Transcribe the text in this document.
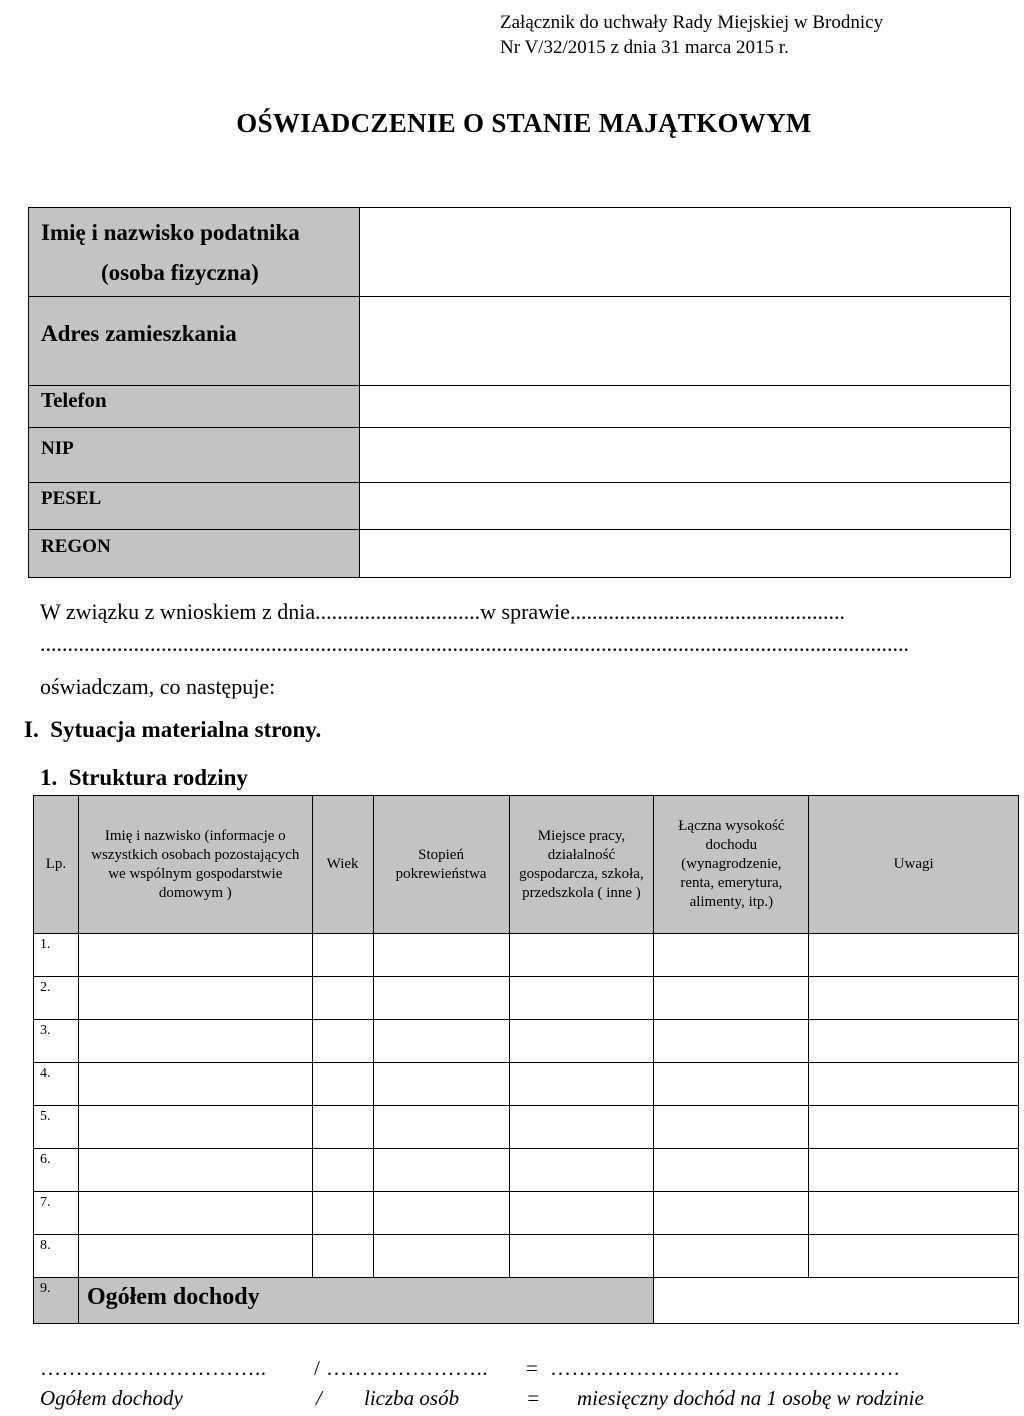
Załącznik do uchwały Rady Miejskiej w Brodnicy
Nr V/32/2015 z dnia 31 marca 2015 r.
OŚWIADCZENIE O STANIE MAJĄTKOWYM
Imię i nazwisko podatnika
(osoba fizyczna)	

Adres zamieszkania	

Telefon	

NIP	

PESEL	

REGON	

W związku z wnioskiem z dnia..............................w sprawie..................................................
..............................................................................................................................................................
oświadczam, co następuje:
I.  Sytuacja materialna strony.
1.  Struktura rodziny
Lp.	Imię i nazwisko (informacje o wszystkich osobach pozostających we wspólnym gospodarstwie domowym )	Wiek	Stopień pokrewieństwa	Miejsce pracy, działalność gospodarcza, szkoła, przedszkola ( inne )	Łączna wysokość dochodu (wynagrodzenie, renta, emerytura, alimenty, itp.)	Uwagi
1.						
2.						
3.						
4.						
5.						
6.						
7.						
8.						
9.	Ogółem dochody					
………………………….. / ………………….. = ………………………………………….
Ogółem dochody	/ liczba osób	= miesięczny dochód na 1 osobę w rodzinie
